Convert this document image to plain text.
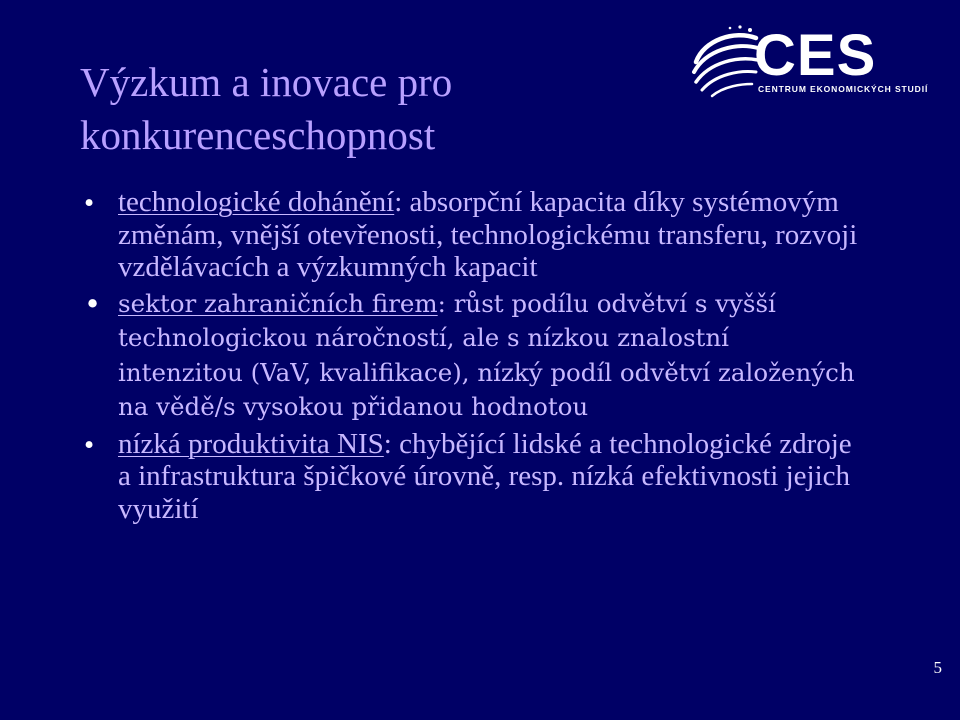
Výzkum a inovace pro konkurenceschopnost
CES
CENTRUM EKONOMICKÝCH STUDIÍ
• technologické dohánění: absorpční kapacita díky systémovým změnám, vnější otevřenosti, technologickému transferu, rozvoji vzdělávacích a výzkumných kapacit
• sektor zahraničních firem: růst podílu odvětví s vyšší technologickou náročností, ale s nízkou znalostní intenzitou (VaV, kvalifikace), nízký podíl odvětví založených na vědě/s vysokou přidanou hodnotou
• nízká produktivita NIS: chybějící lidské a technologické zdroje a infrastruktura špičkové úrovně, resp. nízká efektivnosti jejich využití
5
